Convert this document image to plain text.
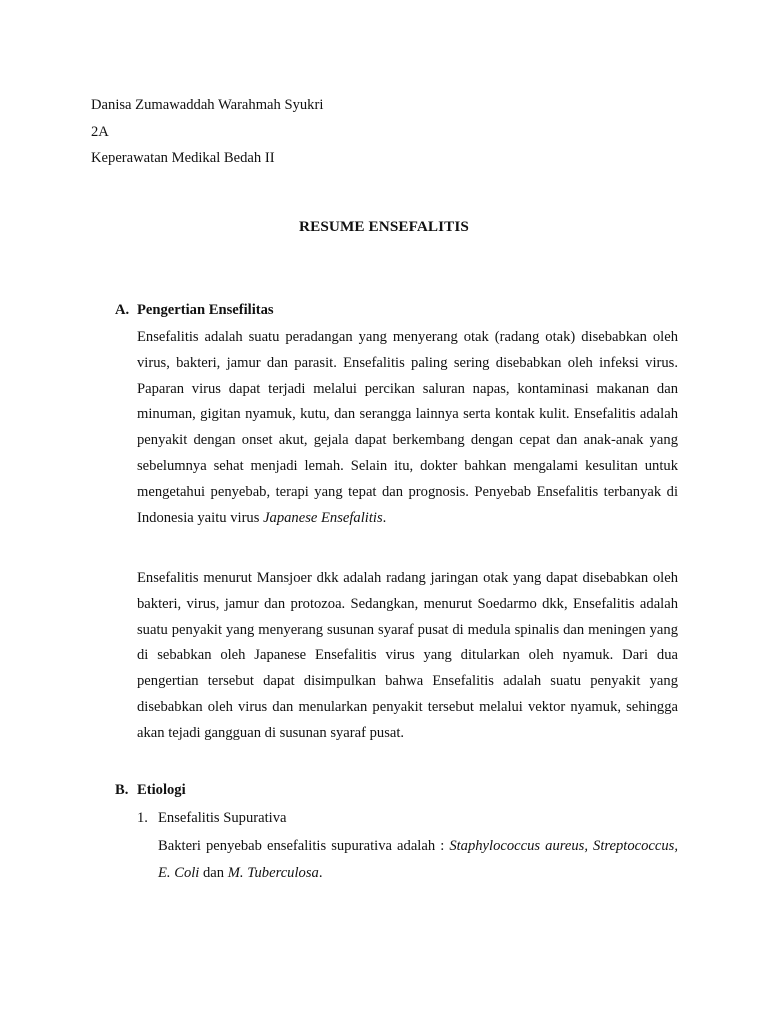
Danisa Zumawaddah Warahmah Syukri
2A
Keperawatan Medikal Bedah II
RESUME ENSEFALITIS
A. Pengertian Ensefilitas
Ensefalitis adalah suatu peradangan yang menyerang otak (radang otak) disebabkan oleh virus, bakteri, jamur dan parasit. Ensefalitis paling sering disebabkan oleh infeksi virus. Paparan virus dapat terjadi melalui percikan saluran napas, kontaminasi makanan dan minuman, gigitan nyamuk, kutu, dan serangga lainnya serta kontak kulit. Ensefalitis adalah penyakit dengan onset akut, gejala dapat berkembang dengan cepat dan anak-anak yang sebelumnya sehat menjadi lemah. Selain itu, dokter bahkan mengalami kesulitan untuk mengetahui penyebab, terapi yang tepat dan prognosis. Penyebab Ensefalitis terbanyak di Indonesia yaitu virus Japanese Ensefalitis.
Ensefalitis menurut Mansjoer dkk adalah radang jaringan otak yang dapat disebabkan oleh bakteri, virus, jamur dan protozoa. Sedangkan, menurut Soedarmo dkk, Ensefalitis adalah suatu penyakit yang menyerang susunan syaraf pusat di medula spinalis dan meningen yang di sebabkan oleh Japanese Ensefalitis virus yang ditularkan oleh nyamuk. Dari dua pengertian tersebut dapat disimpulkan bahwa Ensefalitis adalah suatu penyakit yang disebabkan oleh virus dan menularkan penyakit tersebut melalui vektor nyamuk, sehingga akan tejadi gangguan di susunan syaraf pusat.
B. Etiologi
1. Ensefalitis Supurativa
Bakteri penyebab ensefalitis supurativa adalah : Staphylococcus aureus, Streptococcus, E. Coli dan M. Tuberculosa.
